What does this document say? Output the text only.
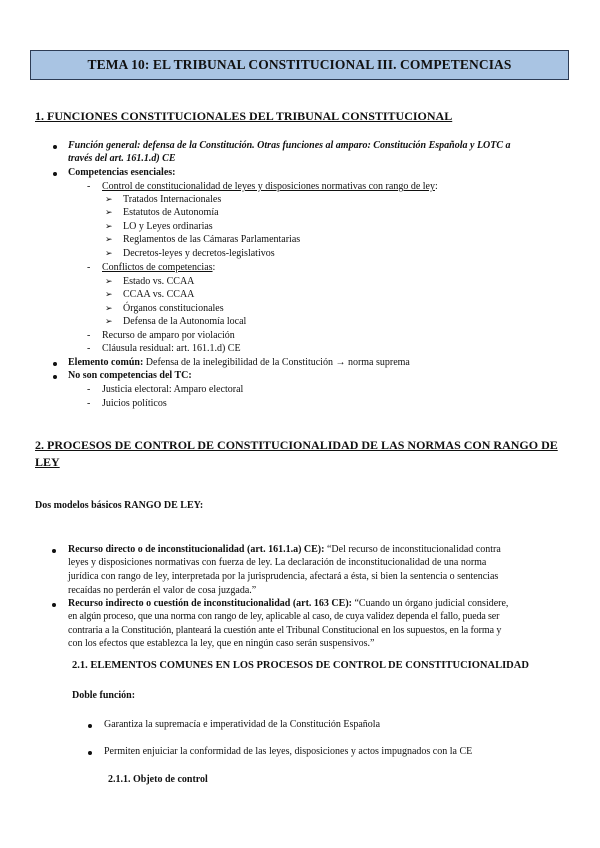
TEMA 10: EL TRIBUNAL CONSTITUCIONAL III. COMPETENCIAS
1. FUNCIONES CONSTITUCIONALES DEL TRIBUNAL CONSTITUCIONAL
Función general: defensa de la Constitución. Otras funciones al amparo: Constitución Española y LOTC a
través del art. 161.1.d) CE
Competencias esenciales:
- Control de constitucionalidad de leyes y disposiciones normativas con rango de ley:
➢ Tratados Internacionales
➢ Estatutos de Autonomía
➢ LO y Leyes ordinarias
➢ Reglamentos de las Cámaras Parlamentarias
➢ Decretos-leyes y decretos-legislativos
- Conflictos de competencias:
➢ Estado vs. CCAA
➢ CCAA vs. CCAA
➢ Órganos constitucionales
➢ Defensa de la Autonomía local
- Recurso de amparo por violación
- Cláusula residual: art. 161.1.d) CE
Elemento común: Defensa de la inelegibilidad de la Constitución → norma suprema
No son competencias del TC:
- Justicia electoral: Amparo electoral
- Juicios políticos
2. PROCESOS DE CONTROL DE CONSTITUCIONALIDAD DE LAS NORMAS CON RANGO DE
LEY
Dos modelos básicos RANGO DE LEY:
Recurso directo o de inconstitucionalidad (art. 161.1.a) CE): “Del recurso de inconstitucionalidad contra
leyes y disposiciones normativas con fuerza de ley. La declaración de inconstitucionalidad de una norma
jurídica con rango de ley, interpretada por la jurisprudencia, afectará a ésta, si bien la sentencia o sentencias
recaídas no perderán el valor de cosa juzgada.”
Recurso indirecto o cuestión de inconstitucionalidad (art. 163 CE): “Cuando un órgano judicial considere,
en algún proceso, que una norma con rango de ley, aplicable al caso, de cuya validez dependa el fallo, pueda ser
contraria a la Constitución, planteará la cuestión ante el Tribunal Constitucional en los supuestos, en la forma y
con los efectos que establezca la ley, que en ningún caso serán suspensivos.”
2.1. ELEMENTOS COMUNES EN LOS PROCESOS DE CONTROL DE CONSTITUCIONALIDAD
Doble función:
Garantiza la supremacía e imperatividad de la Constitución Española
Permiten enjuiciar la conformidad de las leyes, disposiciones y actos impugnados con la CE
2.1.1. Objeto de control
